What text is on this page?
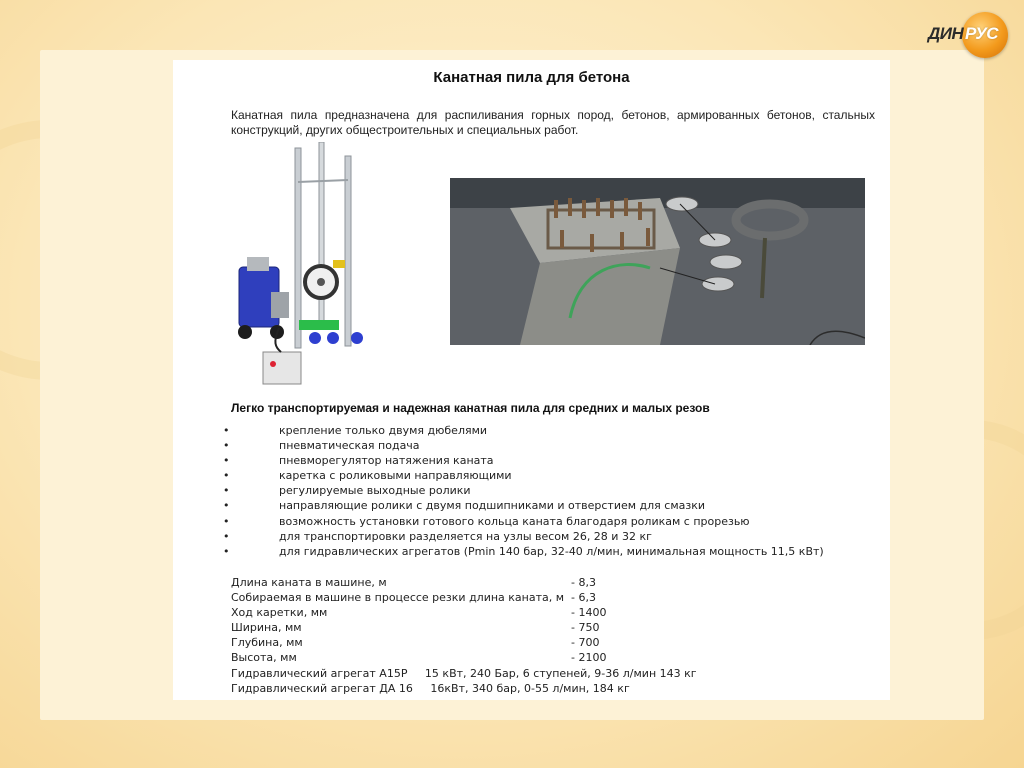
ДИН РУС
Канатная пила для бетона
Канатная пила предназначена для распиливания горных пород, бетонов, армированных бетонов, стальных конструкций, других общестроительных и специальных работ.
Легко транспортируемая и надежная канатная пила для средних и малых резов
•	крепление только двумя дюбелями
•	пневматическая подача
•	пневморегулятор натяжения каната
•	каретка с роликовыми направляющими
•	регулируемые выходные ролики
•	направляющие ролики с двумя подшипниками и отверстием для смазки
•	возможность установки готового кольца каната благодаря роликам с прорезью
•	для транспортировки разделяется на узлы весом 26, 28 и 32 кг
•	для гидравлических агрегатов (Pmin 140 бар, 32-40 л/мин, минимальная мощность 11,5 кВт)
Длина каната в машине, м	- 8,3
Собираемая в машине в процессе резки длина каната, м - 6,3
Ход каретки, мм	- 1400
Ширина, мм	- 750
Глубина, мм	- 700
Высота, мм	- 2100
Гидравлический агрегат А15Р     15 кВт, 240 Бар, 6 ступеней, 9-36 л/мин 143 кг
Гидравлический агрегат ДА 16     16кВт, 340 бар, 0-55 л/мин, 184 кг
